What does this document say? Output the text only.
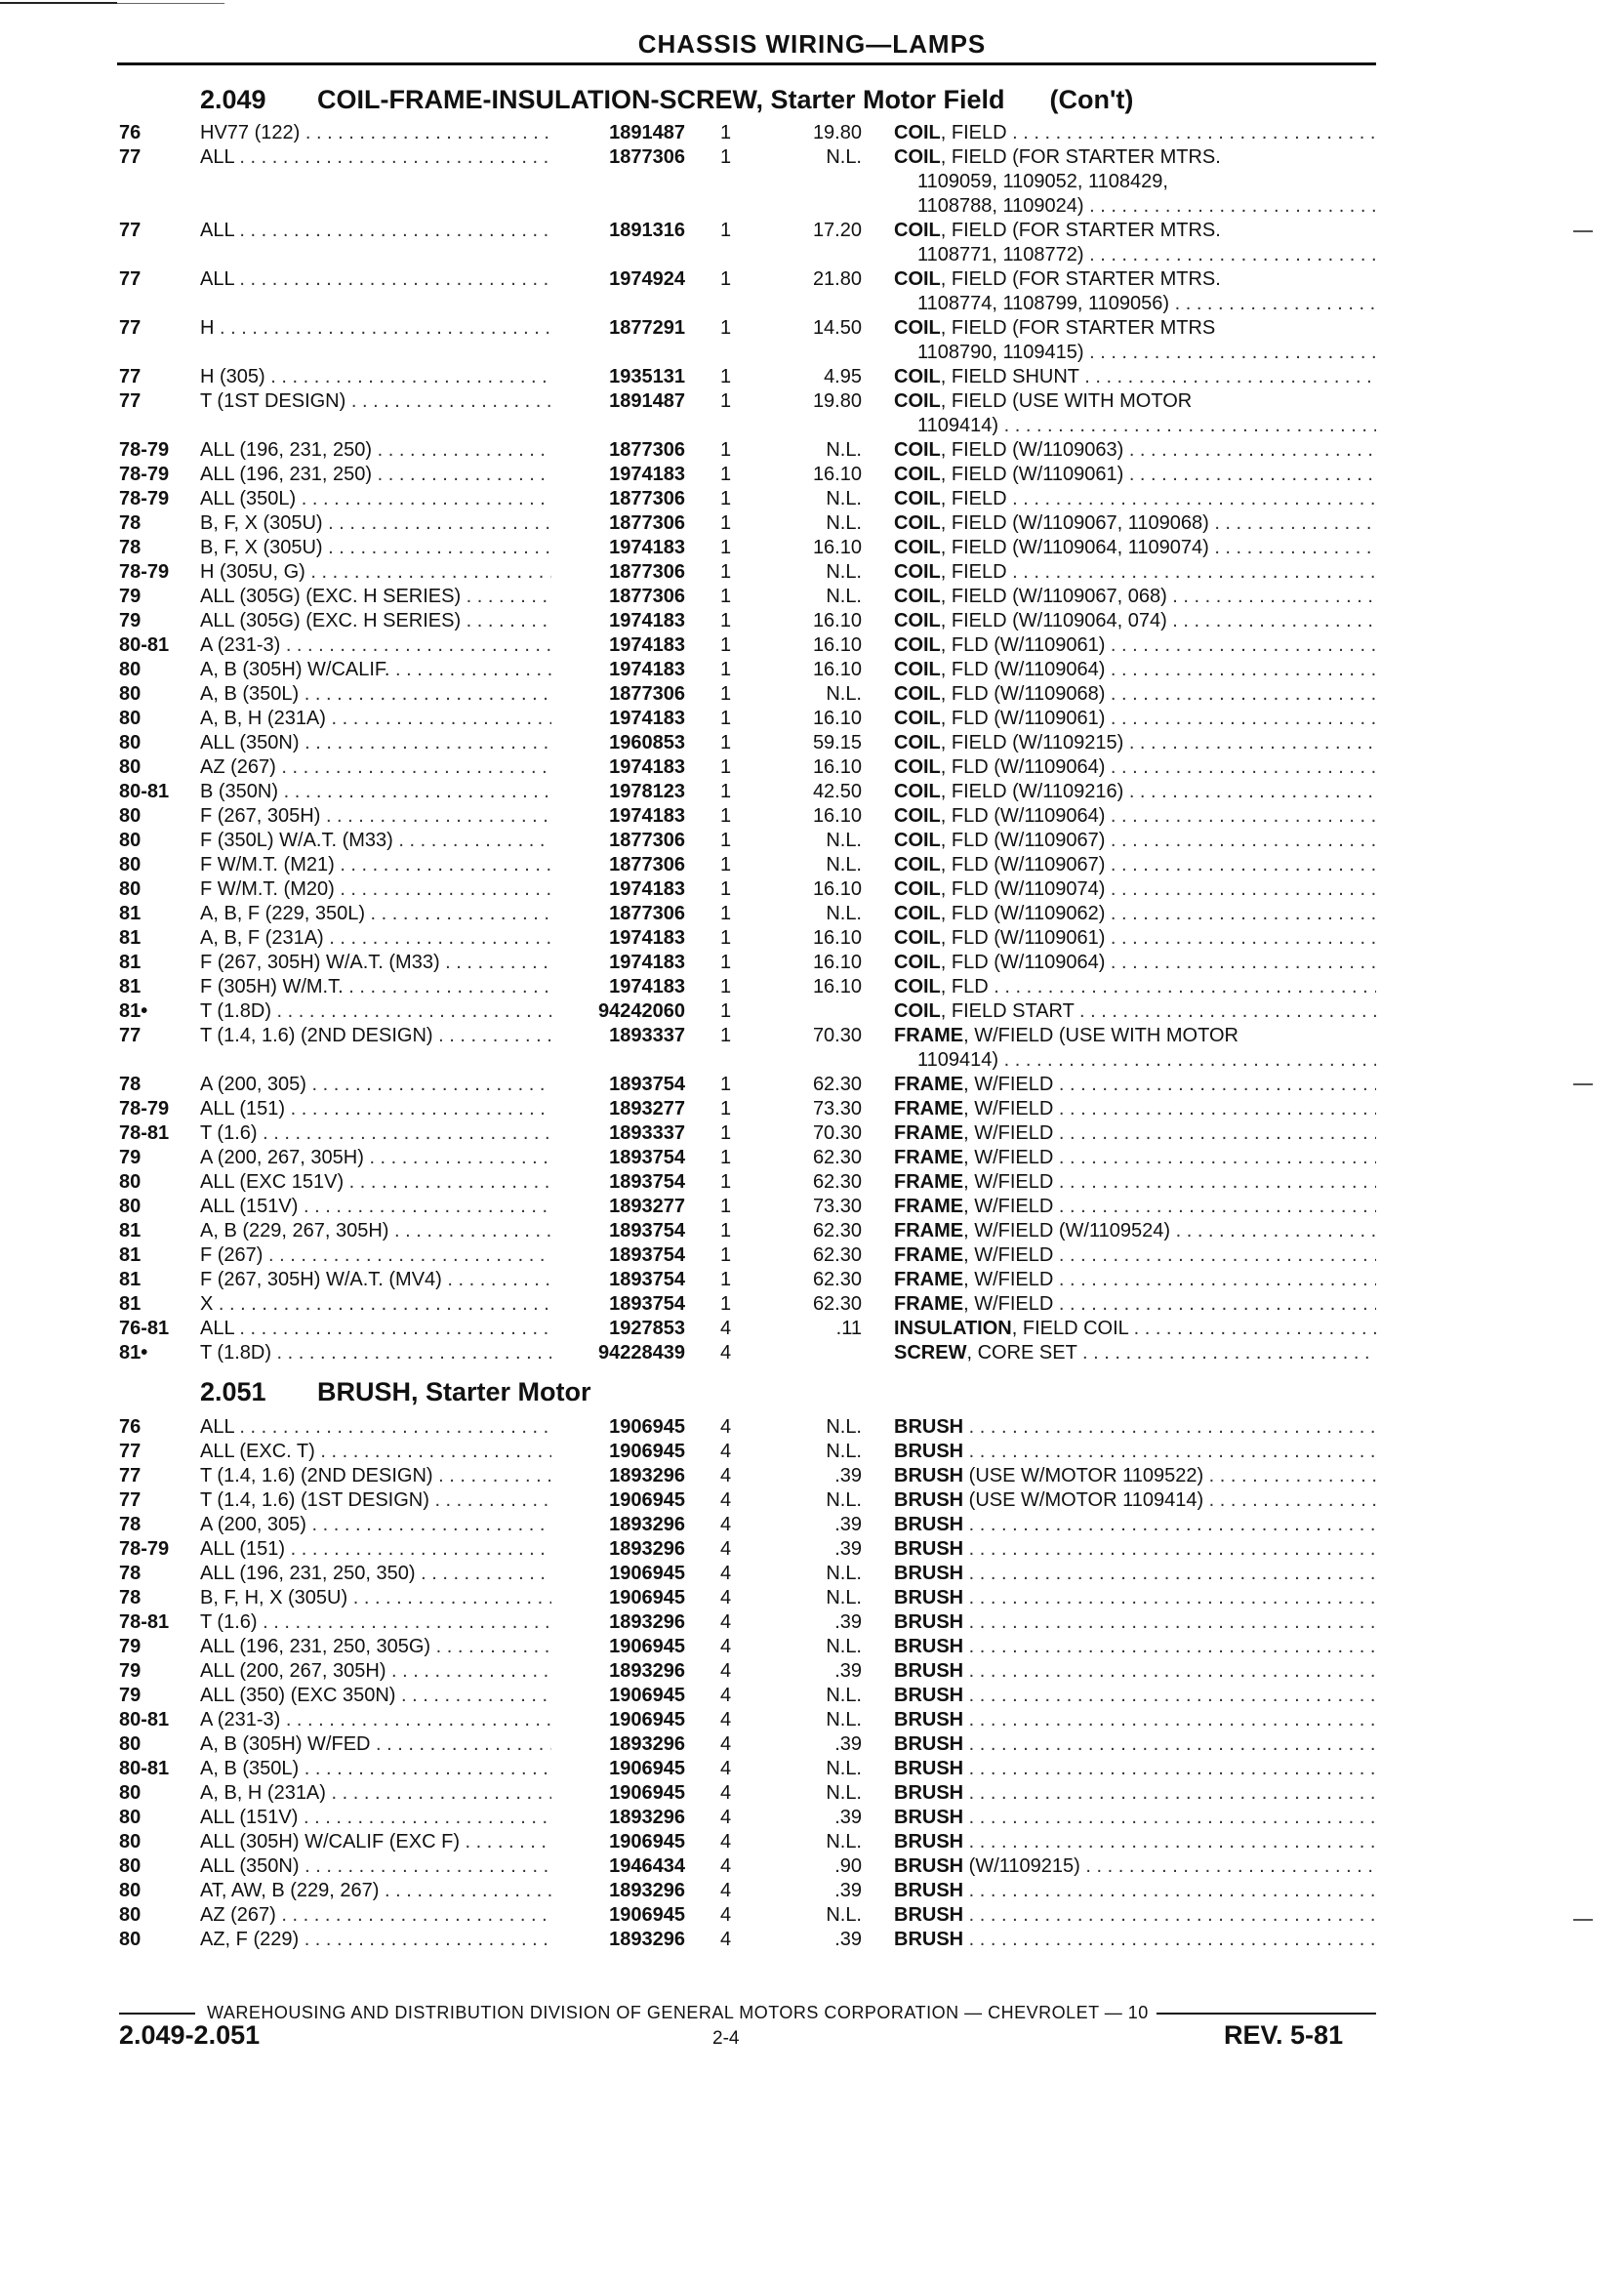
CHASSIS WIRING—LAMPS
2.049 COIL-FRAME-INSULATION-SCREW, Starter Motor Field (Con't)
76	HV77 (122) . . .	1891487 1	19.80 COIL, FIELD . . .
77	ALL . . .	1877306 1	N.L. COIL, FIELD (FOR STARTER MTRS.
1109059, 1109052, 1108429,
1108788, 1109024) . . .
77	ALL . . .	1891316 1	17.20 COIL, FIELD (FOR STARTER MTRS.
1108771, 1108772) . . .
77	ALL . . .	1974924 1	21.80 COIL, FIELD (FOR STARTER MTRS.
1108774, 1108799, 1109056) . . .
77	H . . .	1877291 1	14.50 COIL, FIELD (FOR STARTER MTRS
1108790, 1109415) . . .
77	H (305) . . .	1935131 1	4.95 COIL, FIELD SHUNT . . .
77	T (1ST DESIGN) . . .	1891487 1	19.80 COIL, FIELD (USE WITH MOTOR
1109414) . . .
78-79 ALL (196, 231, 250) . . .	1877306 1	N.L. COIL, FIELD (W/1109063) . . .
78-79 ALL (196, 231, 250) . . .	1974183 1	16.10 COIL, FIELD (W/1109061) . . .
78-79 ALL (350L) . . .	1877306 1	N.L. COIL, FIELD . . .
78	B, F, X (305U) . . .	1877306 1	N.L. COIL, FIELD (W/1109067, 1109068) . . .
78	B, F, X (305U) . . .	1974183 1	16.10 COIL, FIELD (W/1109064, 1109074) . . .
78-79 H (305U, G) . . .	1877306 1	N.L. COIL, FIELD . . .
79	ALL (305G) (EXC. H SERIES) . . .	1877306 1	N.L. COIL, FIELD (W/1109067, 068) . . .
79	ALL (305G) (EXC. H SERIES) . . .	1974183 1	16.10 COIL, FIELD (W/1109064, 074) . . .
80-81 A (231-3) . . .	1974183 1	16.10 COIL, FLD (W/1109061) . . .
80	A, B (305H) W/CALIF. . . .	1974183 1	16.10 COIL, FLD (W/1109064) . . .
80	A, B (350L) . . .	1877306 1	N.L. COIL, FLD (W/1109068) . . .
80	A, B, H (231A) . . .	1974183 1	16.10 COIL, FLD (W/1109061) . . .
80	ALL (350N) . . .	1960853 1	59.15 COIL, FIELD (W/1109215) . . .
80	AZ (267) . . .	1974183 1	16.10 COIL, FLD (W/1109064) . . .
80-81 B (350N) . . .	1978123 1	42.50 COIL, FIELD (W/1109216) . . .
80	F (267, 305H) . . .	1974183 1	16.10 COIL, FLD (W/1109064) . . .
80	F (350L) W/A.T. (M33) . . .	1877306 1	N.L. COIL, FLD (W/1109067) . . .
80	F W/M.T. (M21) . . .	1877306 1	N.L. COIL, FLD (W/1109067) . . .
80	F W/M.T. (M20) . . .	1974183 1	16.10 COIL, FLD (W/1109074) . . .
81	A, B, F (229, 350L) . . .	1877306 1	N.L. COIL, FLD (W/1109062) . . .
81	A, B, F (231A) . . .	1974183 1	16.10 COIL, FLD (W/1109061) . . .
81	F (267, 305H) W/A.T. (M33) . . .	1974183 1	16.10 COIL, FLD (W/1109064) . . .
81	F (305H) W/M.T. . . .	1974183 1	16.10 COIL, FLD . . .
81•	T (1.8D) . . .	94242060 1	COIL, FIELD START . . .
77	T (1.4, 1.6) (2ND DESIGN) . . .	1893337 1	70.30 FRAME, W/FIELD (USE WITH MOTOR
1109414) . . .
78	A (200, 305) . . .	1893754 1	62.30 FRAME, W/FIELD . . .
78-79 ALL (151) . . .	1893277 1	73.30 FRAME, W/FIELD . . .
78-81 T (1.6) . . .	1893337 1	70.30 FRAME, W/FIELD . . .
79	A (200, 267, 305H) . . .	1893754 1	62.30 FRAME, W/FIELD . . .
80	ALL (EXC 151V) . . .	1893754 1	62.30 FRAME, W/FIELD . . .
80	ALL (151V) . . .	1893277 1	73.30 FRAME, W/FIELD . . .
81	A, B (229, 267, 305H) . . .	1893754 1	62.30 FRAME, W/FIELD (W/1109524) . . .
81	F (267) . . .	1893754 1	62.30 FRAME, W/FIELD . . .
81	F (267, 305H) W/A.T. (MV4) . . .	1893754 1	62.30 FRAME, W/FIELD . . .
81	X . . .	1893754 1	62.30 FRAME, W/FIELD . . .
76-81 ALL . . .	1927853 4	.11 INSULATION, FIELD COIL . . .
81•	T (1.8D) . . .	94228439 4	SCREW, CORE SET . . .
2.051 BRUSH, Starter Motor
76	ALL . . .	1906945 4	N.L. BRUSH . . .
77	ALL (EXC. T) . . .	1906945 4	N.L. BRUSH . . .
77	T (1.4, 1.6) (2ND DESIGN) . . .	1893296 4	.39 BRUSH (USE W/MOTOR 1109522) . . .
77	T (1.4, 1.6) (1ST DESIGN) . . .	1906945 4	N.L. BRUSH (USE W/MOTOR 1109414) . . .
78	A (200, 305) . . .	1893296 4	.39 BRUSH . . .
78-79 ALL (151) . . .	1893296 4	.39 BRUSH . . .
78	ALL (196, 231, 250, 350) . . .	1906945 4	N.L. BRUSH . . .
78	B, F, H, X (305U) . . .	1906945 4	N.L. BRUSH . . .
78-81 T (1.6) . . .	1893296 4	.39 BRUSH . . .
79	ALL (196, 231, 250, 305G) . . .	1906945 4	N.L. BRUSH . . .
79	ALL (200, 267, 305H) . . .	1893296 4	.39 BRUSH . . .
79	ALL (350) (EXC 350N) . . .	1906945 4	N.L. BRUSH . . .
80-81 A (231-3) . . .	1906945 4	N.L. BRUSH . . .
80	A, B (305H) W/FED . . .	1893296 4	.39 BRUSH . . .
80-81 A, B (350L) . . .	1906945 4	N.L. BRUSH . . .
80	A, B, H (231A) . . .	1906945 4	N.L. BRUSH . . .
80	ALL (151V) . . .	1893296 4	.39 BRUSH . . .
80	ALL (305H) W/CALIF (EXC F) . . .	1906945 4	N.L. BRUSH . . .
80	ALL (350N) . . .	1946434 4	.90 BRUSH (W/1109215) . . .
80	AT, AW, B (229, 267) . . .	1893296 4	.39 BRUSH . . .
80	AZ (267) . . .	1906945 4	N.L. BRUSH . . .
80	AZ, F (229) . . .	1893296 4	.39 BRUSH . . .
WAREHOUSING AND DISTRIBUTION DIVISION OF GENERAL MOTORS CORPORATION — CHEVROLET — 10
2.049-2.051	2-4	REV. 5-81
